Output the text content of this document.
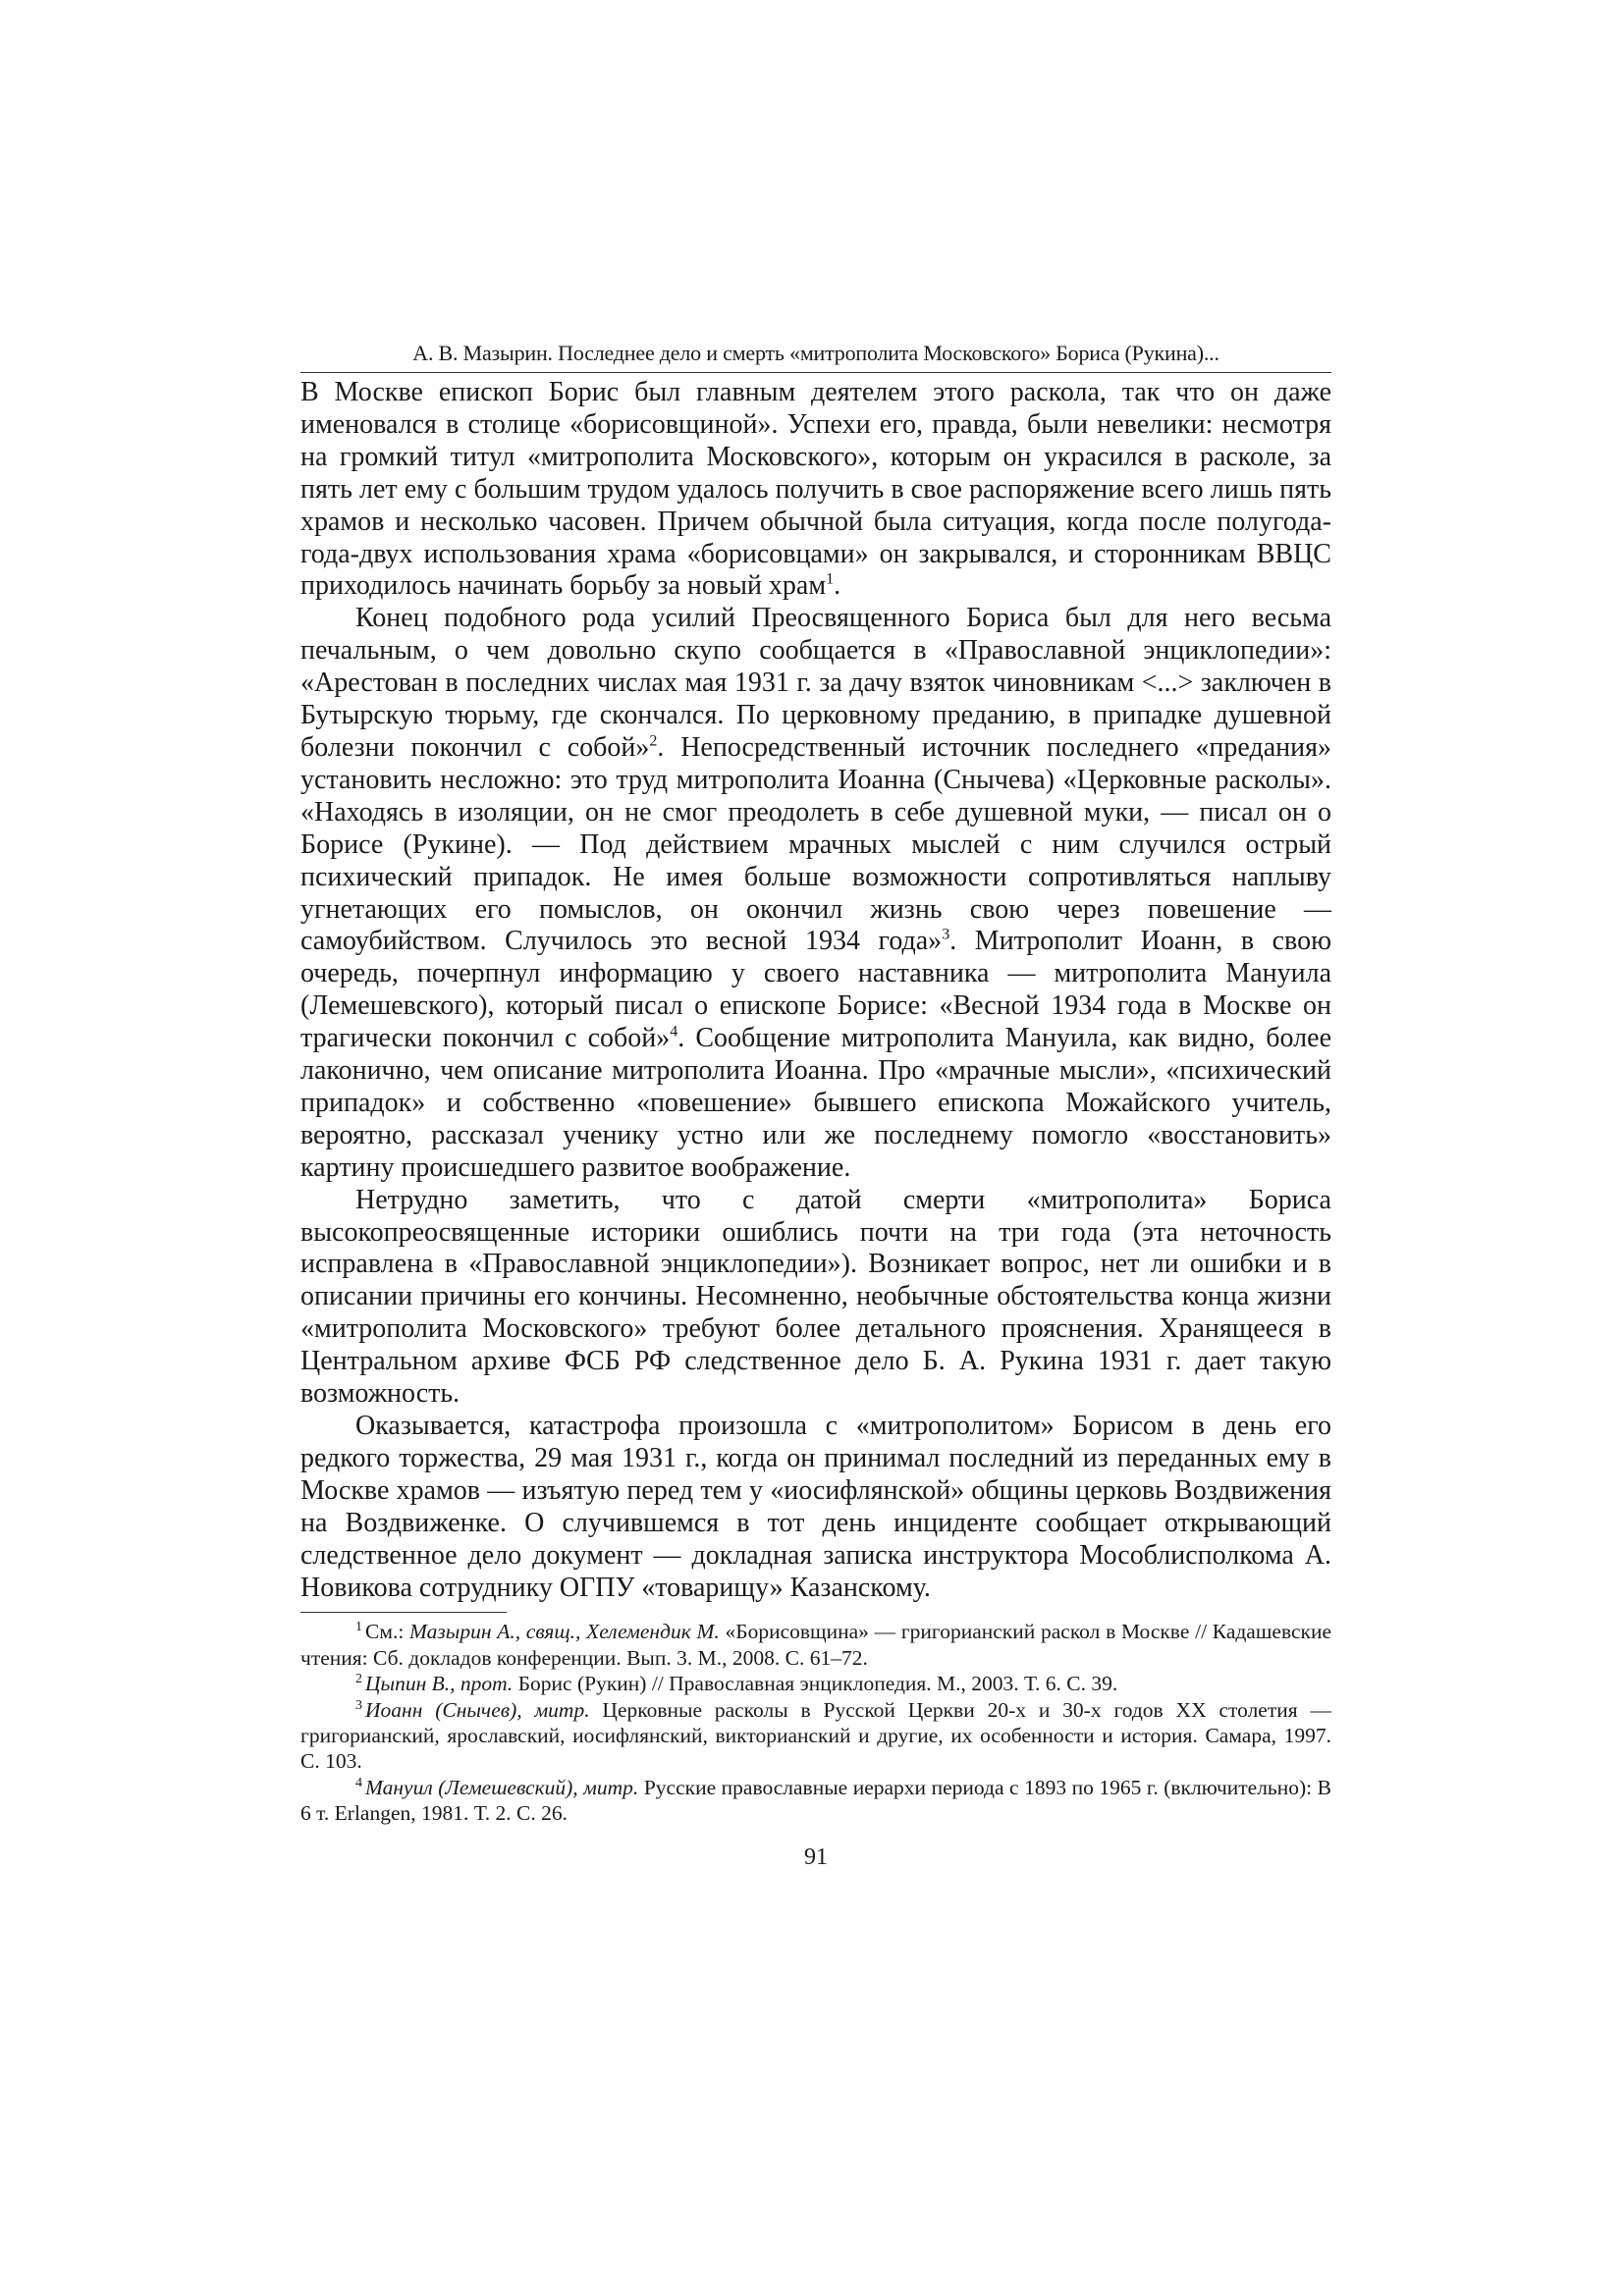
А. В. Мазырин. Последнее дело и смерть «митрополита Московского» Бориса (Рукина)...

В Москве епископ Борис был главным деятелем этого раскола, так что он даже именовался в столице «борисовщиной». Успехи его, правда, были невелики: несмотря на громкий титул «митрополита Московского», которым он украсился в расколе, за пять лет ему с большим трудом удалось получить в свое распоряжение всего лишь пять храмов и несколько часовен. Причем обычной была ситуация, когда после полугода-года-двух использования храма «борисовцами» он закрывался, и сторонникам ВВЦС приходилось начинать борьбу за новый храм$^1$.

Конец подобного рода усилий Преосвященного Бориса был для него весьма печальным, о чем довольно скупо сообщается в «Православной энциклопедии»: «Арестован в последних числах мая 1931 г. за дачу взяток чиновникам <...> заключен в Бутырскую тюрьму, где скончался. По церковному преданию, в припадке душевной болезни покончил с собой»$^2$. Непосредственный источник последнего «предания» установить несложно: это труд митрополита Иоанна (Снычева) «Церковные расколы». «Находясь в изоляции, он не смог преодолеть в себе душевной муки, — писал он о Борисе (Рукине). — Под действием мрачных мыслей с ним случился острый психический припадок. Не имея больше возможности сопротивляться наплыву угнетающих его помыслов, он окончил жизнь свою через повешение — самоубийством. Случилось это весной 1934 года»$^3$. Митрополит Иоанн, в свою очередь, почерпнул информацию у своего наставника — митрополита Мануила (Лемешевского), который писал о епископе Борисе: «Весной 1934 года в Москве он трагически покончил с собой»$^4$. Сообщение митрополита Мануила, как видно, более лаконично, чем описание митрополита Иоанна. Про «мрачные мысли», «психический припадок» и собственно «повешение» бывшего епископа Можайского учитель, вероятно, рассказал ученику устно или же последнему помогло «восстановить» картину происшедшего развитое воображение.

Нетрудно заметить, что с датой смерти «митрополита» Бориса высокопреосвященные историки ошиблись почти на три года (эта неточность исправлена в «Православной энциклопедии»). Возникает вопрос, нет ли ошибки и в описании причины его кончины. Несомненно, необычные обстоятельства конца жизни «митрополита Московского» требуют более детального прояснения. Хранящееся в Центральном архиве ФСБ РФ следственное дело Б. А. Рукина 1931 г. дает такую возможность.

Оказывается, катастрофа произошла с «митрополитом» Борисом в день его редкого торжества, 29 мая 1931 г., когда он принимал последний из переданных ему в Москве храмов — изъятую перед тем у «иосифлянской» общины церковь Воздвижения на Воздвиженке. О случившемся в тот день инциденте сообщает открывающий следственное дело документ — докладная записка инструктора Мособлисполкома А. Новикова сотруднику ОГПУ «товарищу» Казанскому.

$^1$ См.: Мазырин А., свящ., Хелемендик М. «Борисовщина» — григорианский раскол в Москве // Кадашевские чтения: Сб. докладов конференции. Вып. 3. М., 2008. С. 61–72.

$^2$ Цыпин В., прот. Борис (Рукин) // Православная энциклопедия. М., 2003. Т. 6. С. 39.

$^3$ Иоанн (Снычев), митр. Церковные расколы в Русской Церкви 20-х и 30-х годов XX столетия — григорианский, ярославский, иосифлянский, викторианский и другие, их особенности и история. Самара, 1997. С. 103.

$^4$ Мануил (Лемешевский), митр. Русские православные иерархи периода с 1893 по 1965 г. (включительно): В 6 т. Erlangen, 1981. Т. 2. С. 26.

91
